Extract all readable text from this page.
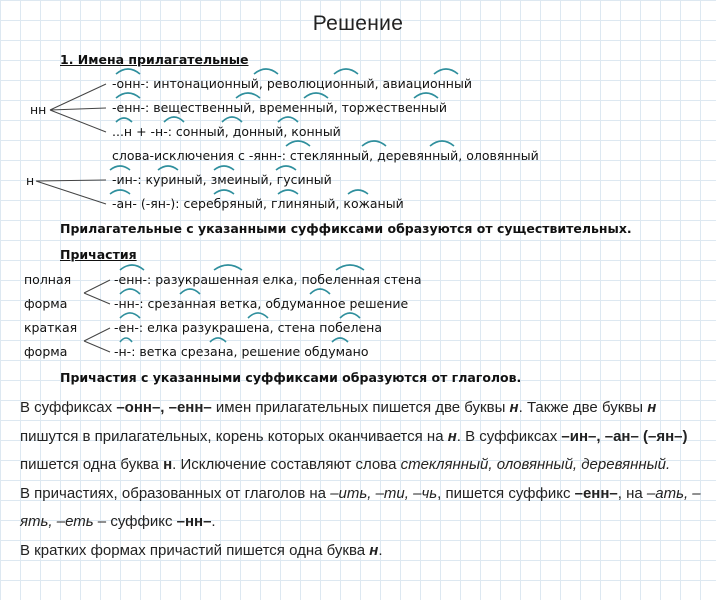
Решение
1. Имена прилагательные
-онн-: интонационный, революционный, авиационный
-енн-: вещественный, временный, торжественный
нн
...н + -н-: сонный, донный, конный
слова-исключения с -янн-: стеклянный, деревянный, оловянный
н	-ин-: куриный, змеиный, гусиный
-ан- (-ян-): серебряный, глиняный, кожаный
Прилагательные с указанными суффиксами образуются от существительных.
Причастия
полная	-енн-: разукрашенная елка, побеленная стена
форма	-нн-: срезанная ветка, обдуманное решение
краткая	-ен-: елка разукрашена, стена побелена
форма	-н-: ветка срезана, решение обдумано
Причастия с указанными суффиксами образуются от глаголов.

В суффиксах –онн–, –енн– имен прилагательных пишется две буквы н. Также две буквы н пишутся в прилагательных, корень которых оканчивается на н. В суффиксах –ин–, –ан– (–ян–) пишется одна буква н. Исключение составляют слова стеклянный, оловянный, деревянный.

В причастиях, образованных от глаголов на –ить, –ти, –чь, пишется суффикс –енн–, на –ать, –ять, –еть – суффикс –нн–.

В кратких формах причастий пишется одна буква н.
